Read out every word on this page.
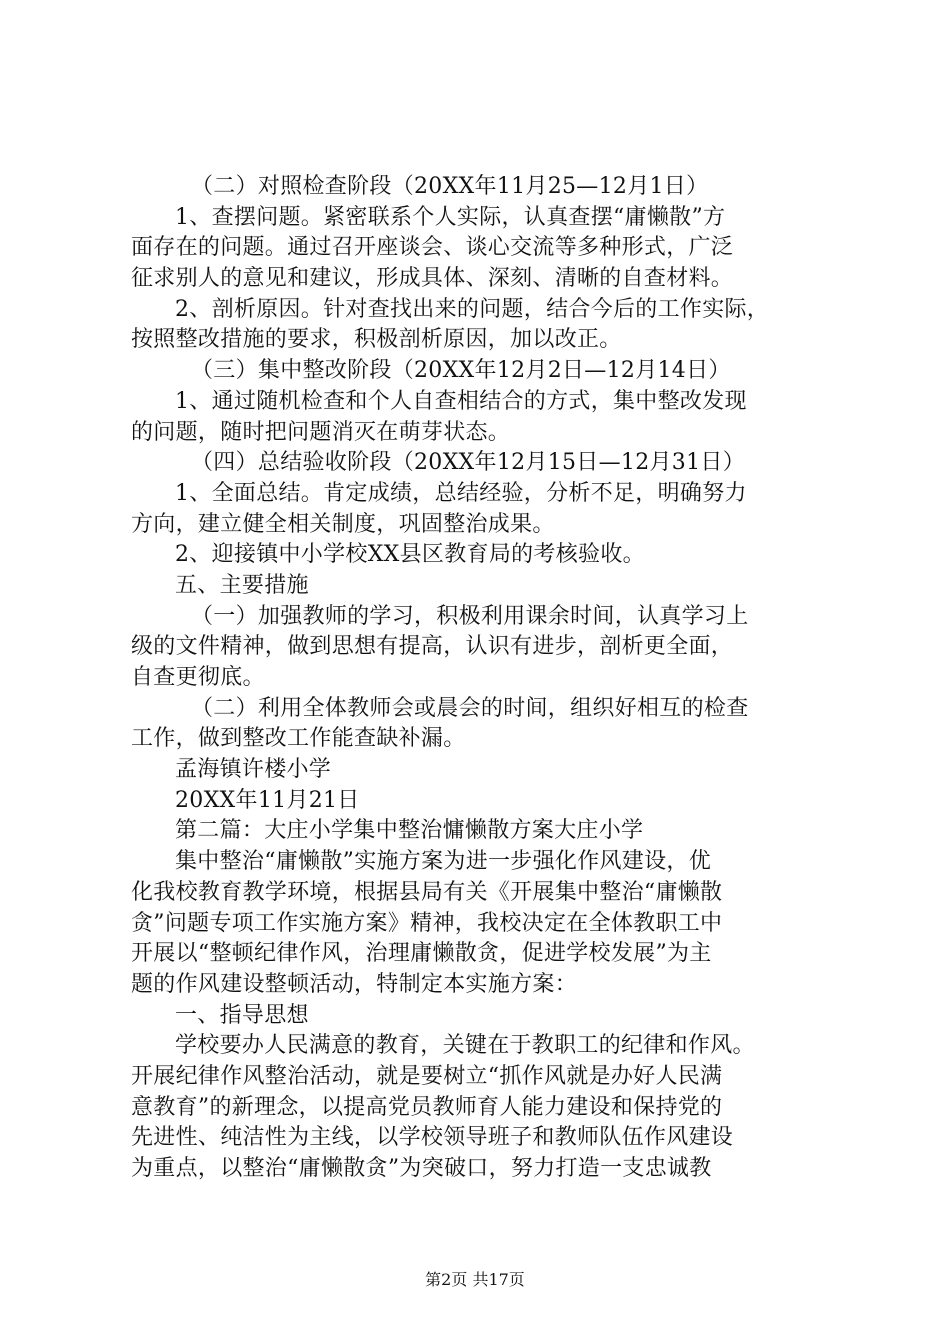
（二）对照检查阶段（20XX年11月25—12月1日）
1、查摆问题。紧密联系个人实际，认真查摆“庸懒散”方
面存在的问题。通过召开座谈会、谈心交流等多种形式，广泛
征求别人的意见和建议，形成具体、深刻、清晰的自查材料。
2、剖析原因。针对查找出来的问题，结合今后的工作实际，
按照整改措施的要求，积极剖析原因，加以改正。
（三）集中整改阶段（20XX年12月2日—12月14日）
1、通过随机检查和个人自查相结合的方式，集中整改发现
的问题，随时把问题消灭在萌芽状态。
（四）总结验收阶段（20XX年12月15日—12月31日）
1、全面总结。肯定成绩，总结经验，分析不足，明确努力
方向，建立健全相关制度，巩固整治成果。
2、迎接镇中小学校XX县区教育局的考核验收。
五、主要措施
（一）加强教师的学习，积极利用课余时间，认真学习上
级的文件精神，做到思想有提高，认识有进步，剖析更全面，
自查更彻底。
（二）利用全体教师会或晨会的时间，组织好相互的检查
工作，做到整改工作能查缺补漏。
孟海镇许楼小学
20XX年11月21日
第二篇：大庄小学集中整治慵懒散方案大庄小学
集中整治“庸懒散”实施方案为进一步强化作风建设，优
化我校教育教学环境，根据县局有关《开展集中整治“庸懒散
贪”问题专项工作实施方案》精神，我校决定在全体教职工中
开展以“整顿纪律作风，治理庸懒散贪，促进学校发展”为主
题的作风建设整顿活动，特制定本实施方案：
一、指导思想
学校要办人民满意的教育，关键在于教职工的纪律和作风。
开展纪律作风整治活动，就是要树立“抓作风就是办好人民满
意教育”的新理念，以提高党员教师育人能力建设和保持党的
先进性、纯洁性为主线，以学校领导班子和教师队伍作风建设
为重点，以整治“庸懒散贪”为突破口，努力打造一支忠诚教
第2页 共17页
